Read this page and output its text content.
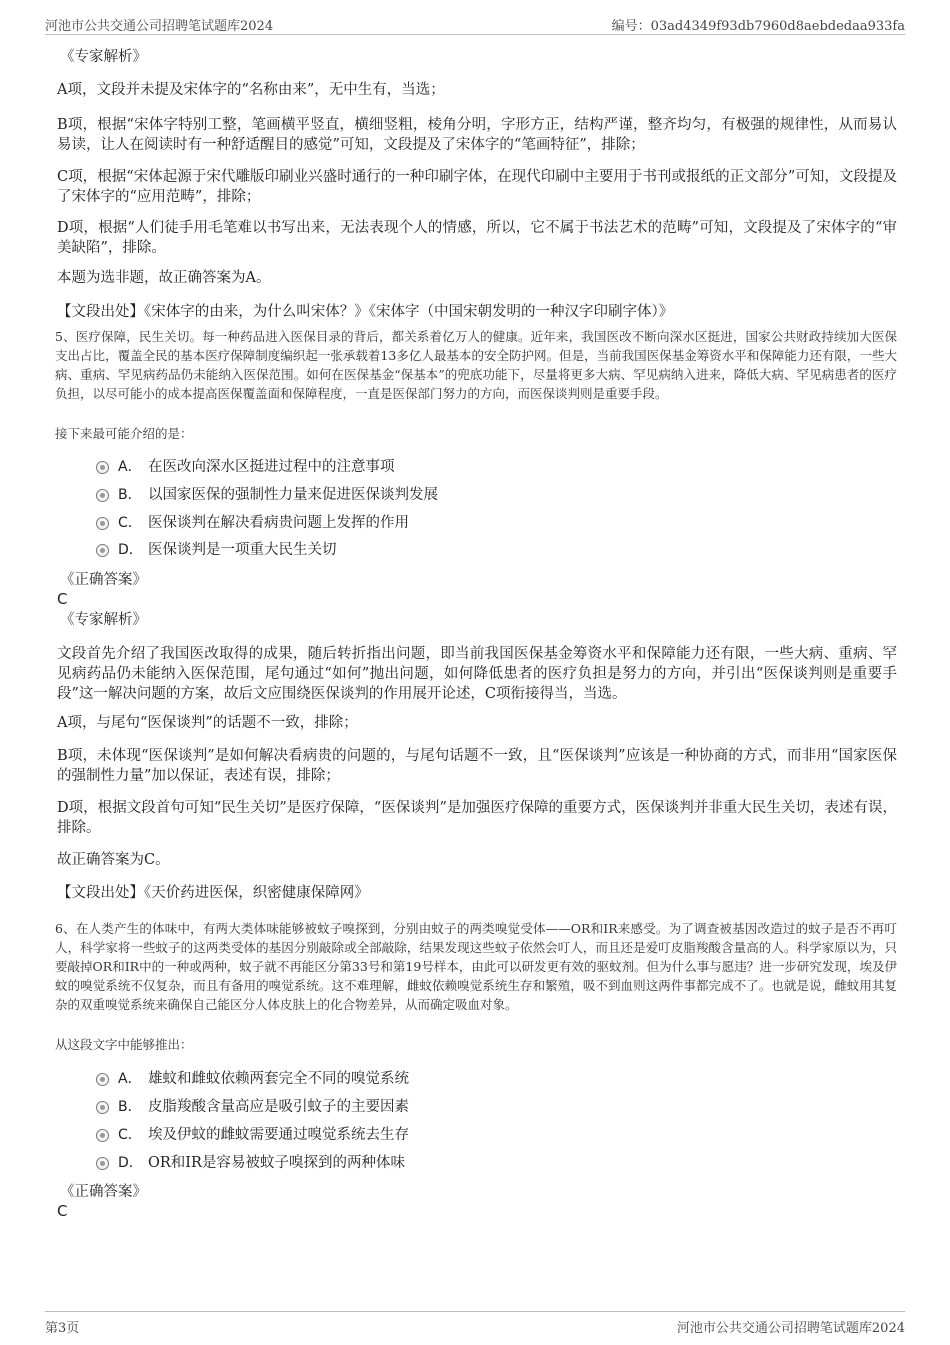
河池市公共交通公司招聘笔试题库2024	编号：03ad4349f93db7960d8aebdedaa933fa
《专家解析》
A项，文段并未提及宋体字的“名称由来”，无中生有，当选；
B项，根据“宋体字特别工整，笔画横平竖直，横细竖粗，棱角分明，字形方正，结构严谨，整齐均匀，有极强的规律性，从而易认易读，让人在阅读时有一种舒适醒目的感觉”可知，文段提及了宋体字的“笔画特征”，排除；
C项，根据“宋体起源于宋代雕版印刷业兴盛时通行的一种印刷字体，在现代印刷中主要用于书刊或报纸的正文部分”可知，文段提及了宋体字的“应用范畴”，排除；
D项，根据“人们徒手用毛笔难以书写出来，无法表现个人的情感，所以，它不属于书法艺术的范畴”可知，文段提及了宋体字的“审美缺陷”，排除。
本题为选非题，故正确答案为A。
【文段出处】《宋体字的由来，为什么叫宋体？》《宋体字（中国宋朝发明的一种汉字印刷字体）》
5、医疗保障，民生关切。每一种药品进入医保目录的背后，都关系着亿万人的健康。近年来，我国医改不断向深水区挺进，国家公共财政持续加大医保支出占比，覆盖全民的基本医疗保障制度编织起一张承载着13多亿人最基本的安全防护网。但是，当前我国医保基金筹资水平和保障能力还有限，一些大病、重病、罕见病药品仍未能纳入医保范围。如何在医保基金“保基本”的兜底功能下，尽量将更多大病、罕见病纳入进来，降低大病、罕见病患者的医疗负担，以尽可能小的成本提高医保覆盖面和保障程度，一直是医保部门努力的方向，而医保谈判则是重要手段。
接下来最可能介绍的是：
A． 在医改向深水区挺进过程中的注意事项
B． 以国家医保的强制性力量来促进医保谈判发展
C． 医保谈判在解决看病贵问题上发挥的作用
D． 医保谈判是一项重大民生关切
《正确答案》
C
《专家解析》
文段首先介绍了我国医改取得的成果，随后转折指出问题，即当前我国医保基金筹资水平和保障能力还有限，一些大病、重病、罕见病药品仍未能纳入医保范围，尾句通过“如何”抛出问题，如何降低患者的医疗负担是努力的方向，并引出“医保谈判则是重要手段”这一解决问题的方案，故后文应围绕医保谈判的作用展开论述，C项衔接得当，当选。
A项，与尾句“医保谈判”的话题不一致，排除；
B项，未体现“医保谈判”是如何解决看病贵的问题的，与尾句话题不一致，且“医保谈判”应该是一种协商的方式，而非用“国家医保的强制性力量”加以保证，表述有误，排除；
D项，根据文段首句可知“民生关切”是医疗保障，“医保谈判”是加强医疗保障的重要方式，医保谈判并非重大民生关切，表述有误，排除。
故正确答案为C。
【文段出处】《天价药进医保，织密健康保障网》
6、在人类产生的体味中，有两大类体味能够被蚊子嗅探到，分别由蚊子的两类嗅觉受体——OR和IR来感受。为了调查被基因改造过的蚊子是否不再叮人，科学家将一些蚊子的这两类受体的基因分别敲除或全部敲除，结果发现这些蚊子依然会叮人，而且还是爱叮皮脂羧酸含量高的人。科学家原以为，只要敲掉OR和IR中的一种或两种，蚊子就不再能区分第33号和第19号样本，由此可以研发更有效的驱蚊剂。但为什么事与愿违？进一步研究发现，埃及伊蚊的嗅觉系统不仅复杂，而且有备用的嗅觉系统。这不难理解，雌蚊依赖嗅觉系统生存和繁殖，吸不到血则这两件事都完成不了。也就是说，雌蚊用其复杂的双重嗅觉系统来确保自己能区分人体皮肤上的化合物差异，从而确定吸血对象。
从这段文字中能够推出：
A． 雄蚊和雌蚊依赖两套完全不同的嗅觉系统
B． 皮脂羧酸含量高应是吸引蚊子的主要因素
C． 埃及伊蚊的雌蚊需要通过嗅觉系统去生存
D． OR和IR是容易被蚊子嗅探到的两种体味
《正确答案》
C
第3页	河池市公共交通公司招聘笔试题库2024
